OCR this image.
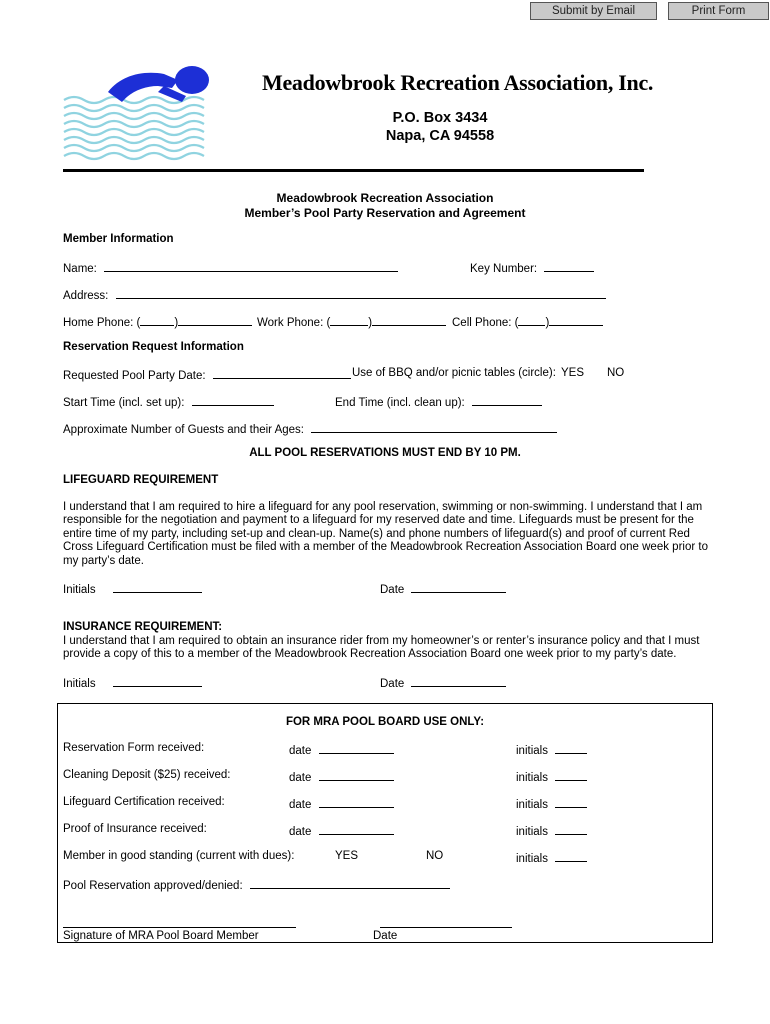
Submit by Email	Print Form
Meadowbrook Recreation Association, Inc.
P.O. Box 3434
Napa, CA 94558
Meadowbrook Recreation Association
Member’s Pool Party Reservation and Agreement
Member Information
Name:	Key Number:
Address:
Home Phone: (	)	Work Phone: (	)	Cell Phone: ( )
Reservation Request Information
Requested Pool Party Date:	Use of BBQ and/or picnic tables (circle): YES NO
Start Time (incl. set up):	End Time (incl. clean up):
Approximate Number of Guests and their Ages:
ALL POOL RESERVATIONS MUST END BY 10 PM.
LIFEGUARD REQUIREMENT
I understand that I am required to hire a lifeguard for any pool reservation, swimming or non-swimming. I understand that I am responsible for the negotiation and payment to a lifeguard for my reserved date and time. Lifeguards must be present for the entire time of my party, including set-up and clean-up. Name(s) and phone numbers of lifeguard(s) and proof of current Red Cross Lifeguard Certification must be filed with a member of the Meadowbrook Recreation Association Board one week prior to my party’s date.
Initials	Date
INSURANCE REQUIREMENT:
I understand that I am required to obtain an insurance rider from my homeowner’s or renter’s insurance policy and that I must provide a copy of this to a member of the Meadowbrook Recreation Association Board one week prior to my party’s date.
Initials	Date
FOR MRA POOL BOARD USE ONLY:
Reservation Form received:	date	initials
Cleaning Deposit ($25) received:	date	initials
Lifeguard Certification received:	date	initials
Proof of Insurance received:	date	initials
Member in good standing (current with dues):	YES	NO	initials
Pool Reservation approved/denied:
Signature of MRA Pool Board Member	Date
